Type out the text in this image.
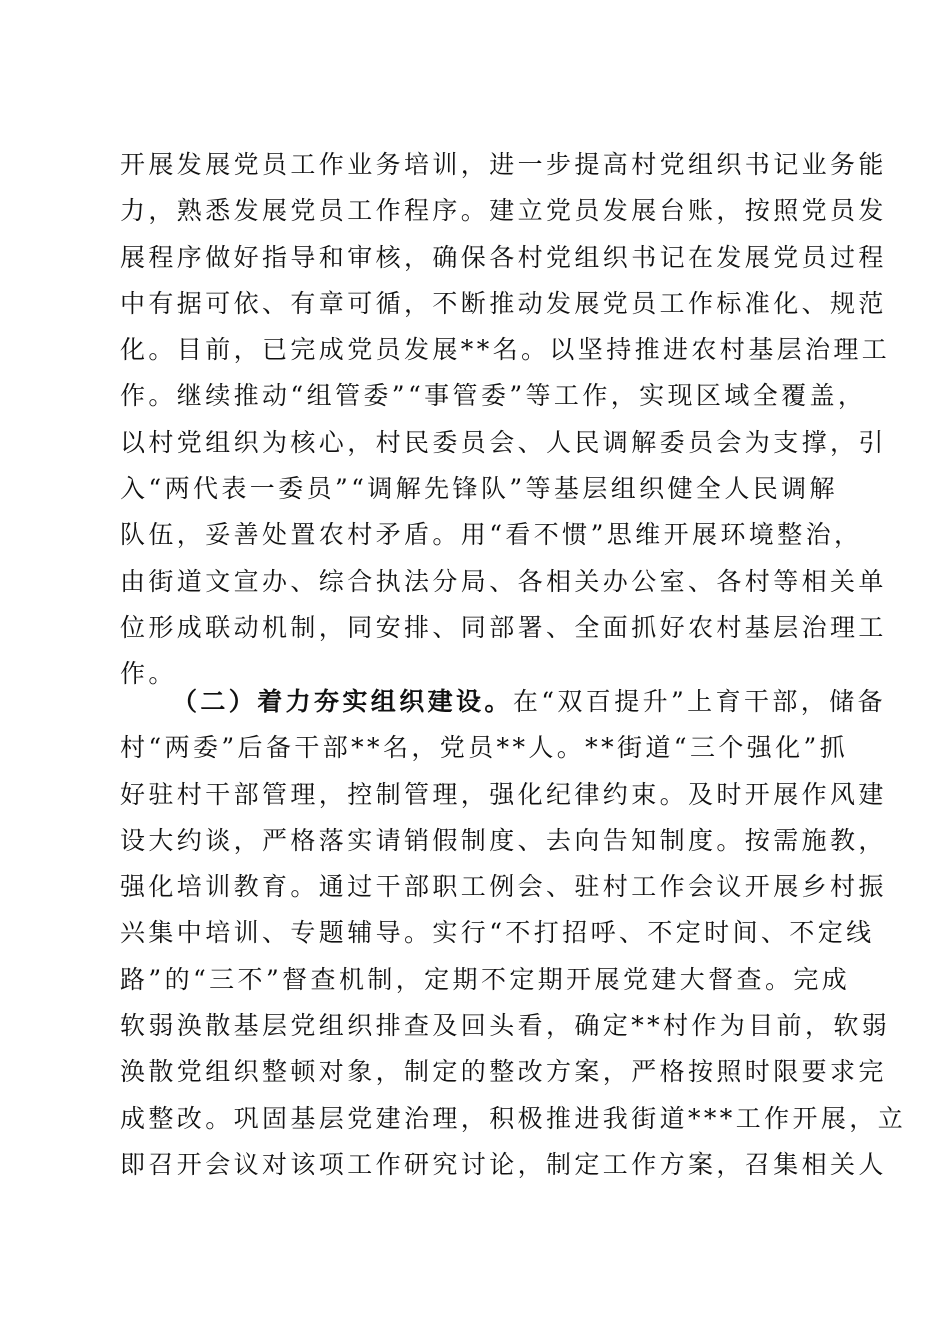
开展发展党员工作业务培训，进一步提高村党组织书记业务能
力，熟悉发展党员工作程序。建立党员发展台账，按照党员发
展程序做好指导和审核，确保各村党组织书记在发展党员过程
中有据可依、有章可循，不断推动发展党员工作标准化、规范
化。目前，已完成党员发展**名。以坚持推进农村基层治理工
作。继续推动“组管委”“事管委”等工作，实现区域全覆盖，
以村党组织为核心，村民委员会、人民调解委员会为支撑，引
入“两代表一委员”“调解先锋队”等基层组织健全人民调解
队伍，妥善处置农村矛盾。用“看不惯”思维开展环境整治，
由街道文宣办、综合执法分局、各相关办公室、各村等相关单
位形成联动机制，同安排、同部署、全面抓好农村基层治理工
作。
（二）着力夯实组织建设。在“双百提升”上育干部，储备
村“两委”后备干部**名，党员**人。**街道“三个强化”抓
好驻村干部管理，控制管理，强化纪律约束。及时开展作风建
设大约谈，严格落实请销假制度、去向告知制度。按需施教，
强化培训教育。通过干部职工例会、驻村工作会议开展乡村振
兴集中培训、专题辅导。实行“不打招呼、不定时间、不定线
路”的“三不”督查机制，定期不定期开展党建大督查。完成
软弱涣散基层党组织排查及回头看，确定**村作为目前，软弱
涣散党组织整顿对象，制定的整改方案，严格按照时限要求完
成整改。巩固基层党建治理，积极推进我街道***工作开展，立
即召开会议对该项工作研究讨论，制定工作方案，召集相关人
